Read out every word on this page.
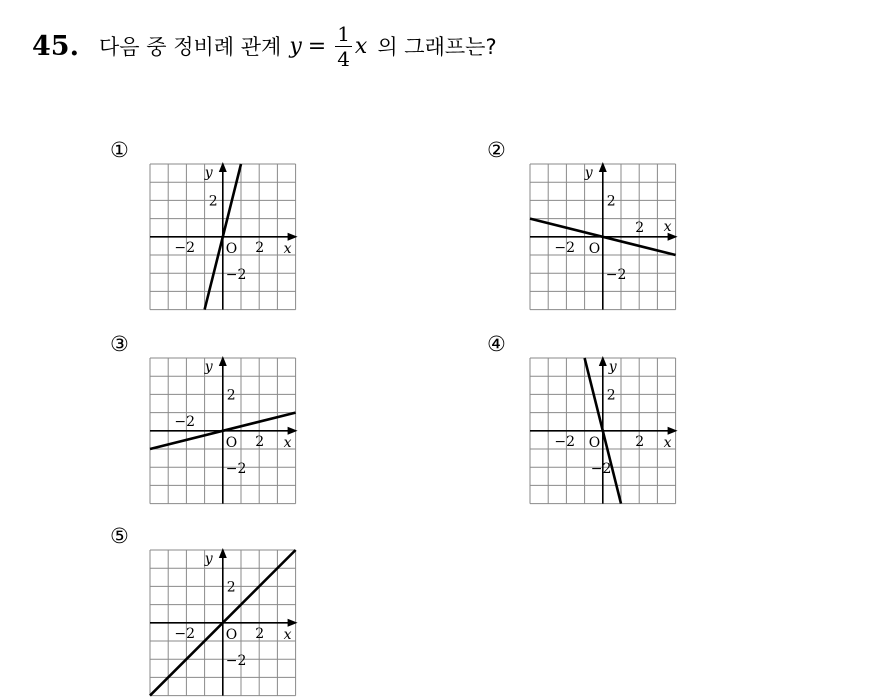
45. 다음 중 정비례 관계 $y = \frac{1}{4}$ x 의 그래프는?
①
−2 O 2
2
−2
x
y
②
−2 O
2
2
−2
x
y
③
−2
O 2
2
−2
x
y
④
−2 O 2
2
−2
x
y
⑤
−2 O 2
2
−2
x
y
